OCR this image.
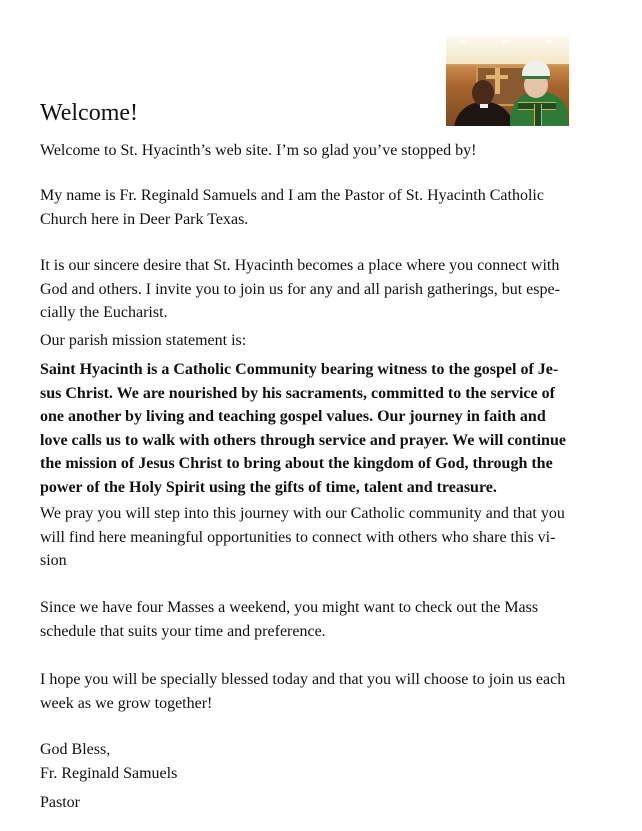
Welcome!

Welcome to St. Hyacinth’s web site. I’m so glad you’ve stopped by!

My name is Fr. Reginald Samuels and I am the Pastor of St. Hyacinth Catholic
Church here in Deer Park Texas.

It is our sincere desire that St. Hyacinth becomes a place where you connect with
God and others. I invite you to join us for any and all parish gatherings, but espe-
cially the Eucharist.

Our parish mission statement is:

Saint Hyacinth is a Catholic Community bearing witness to the gospel of Je-
sus Christ. We are nourished by his sacraments, committed to the service of
one another by living and teaching gospel values. Our journey in faith and
love calls us to walk with others through service and prayer. We will continue
the mission of Jesus Christ to bring about the kingdom of God, through the
power of the Holy Spirit using the gifts of time, talent and treasure.

We pray you will step into this journey with our Catholic community and that you
will find here meaningful opportunities to connect with others who share this vi-
sion

Since we have four Masses a weekend, you might want to check out the Mass
schedule that suits your time and preference.

I hope you will be specially blessed today and that you will choose to join us each
week as we grow together!

God Bless,
Fr. Reginald Samuels

Pastor
